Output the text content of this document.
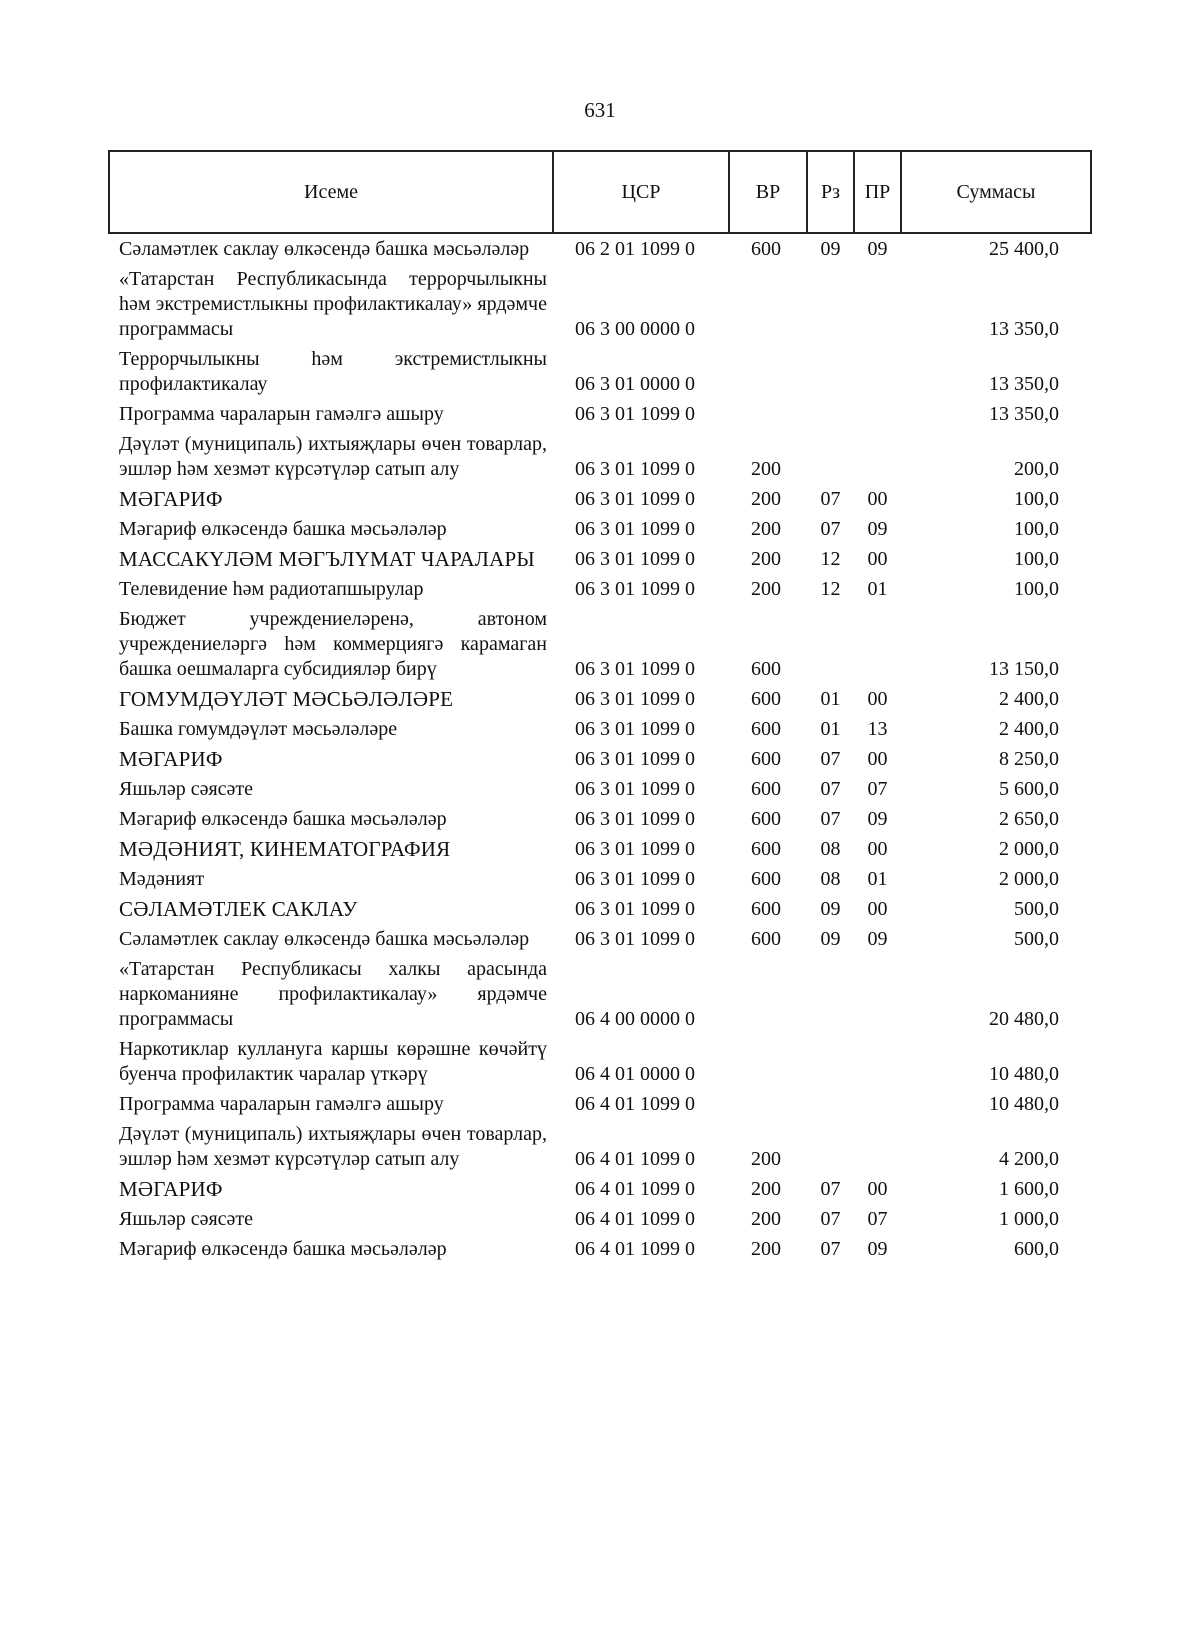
631
Исеме	ЦСР	ВР	Рз	ПР	Суммасы
Сәламәтлек саклау өлкәсендә башка мәсьәләләр	06 2 01 1099 0	600	09	09	25 400,0
«Татарстан Республикасында террорчылыкны һәм экстремистлыкны профилактикалау» ярдәмче программасы	06 3 00 0000 0				13 350,0
Террорчылыкны һәм экстремистлыкны профилактикалау	06 3 01 0000 0				13 350,0
Программа чараларын гамәлгә ашыру	06 3 01 1099 0				13 350,0
Дәүләт (муниципаль) ихтыяҗлары өчен товарлар, эшләр һәм хезмәт күрсәтүләр сатып алу	06 3 01 1099 0	200			200,0
МӘГАРИФ	06 3 01 1099 0	200	07	00	100,0
Мәгариф өлкәсендә башка мәсьәләләр	06 3 01 1099 0	200	07	09	100,0
МАССАКҮЛӘМ МӘГЪЛҮМАТ ЧАРАЛАРЫ	06 3 01 1099 0	200	12	00	100,0
Телевидение һәм радиотапшырулар	06 3 01 1099 0	200	12	01	100,0
Бюджет учреждениеләренә, автоном учреждениеләргә һәм коммерциягә карамаган башка оешмаларга субсидияләр бирү	06 3 01 1099 0	600			13 150,0
ГОМУМДӘҮЛӘТ МӘСЬӘЛӘЛӘРЕ	06 3 01 1099 0	600	01	00	2 400,0
Башка гомумдәүләт мәсьәләләре	06 3 01 1099 0	600	01	13	2 400,0
МӘГАРИФ	06 3 01 1099 0	600	07	00	8 250,0
Яшьләр сәясәте	06 3 01 1099 0	600	07	07	5 600,0
Мәгариф өлкәсендә башка мәсьәләләр	06 3 01 1099 0	600	07	09	2 650,0
МӘДӘНИЯТ, КИНЕМАТОГРАФИЯ	06 3 01 1099 0	600	08	00	2 000,0
Мәдәният	06 3 01 1099 0	600	08	01	2 000,0
СӘЛАМӘТЛЕК САКЛАУ	06 3 01 1099 0	600	09	00	500,0
Сәламәтлек саклау өлкәсендә башка мәсьәләләр	06 3 01 1099 0	600	09	09	500,0
«Татарстан Республикасы халкы арасында наркоманияне профилактикалау» ярдәмче программасы	06 4 00 0000 0				20 480,0
Наркотиклар куллануга каршы көрәшне көчәйтү буенча профилактик чаралар үткәрү	06 4 01 0000 0				10 480,0
Программа чараларын гамәлгә ашыру	06 4 01 1099 0				10 480,0
Дәүләт (муниципаль) ихтыяҗлары өчен товарлар, эшләр һәм хезмәт күрсәтүләр сатып алу	06 4 01 1099 0	200			4 200,0
МӘГАРИФ	06 4 01 1099 0	200	07	00	1 600,0
Яшьләр сәясәте	06 4 01 1099 0	200	07	07	1 000,0
Мәгариф өлкәсендә башка мәсьәләләр	06 4 01 1099 0	200	07	09	600,0
